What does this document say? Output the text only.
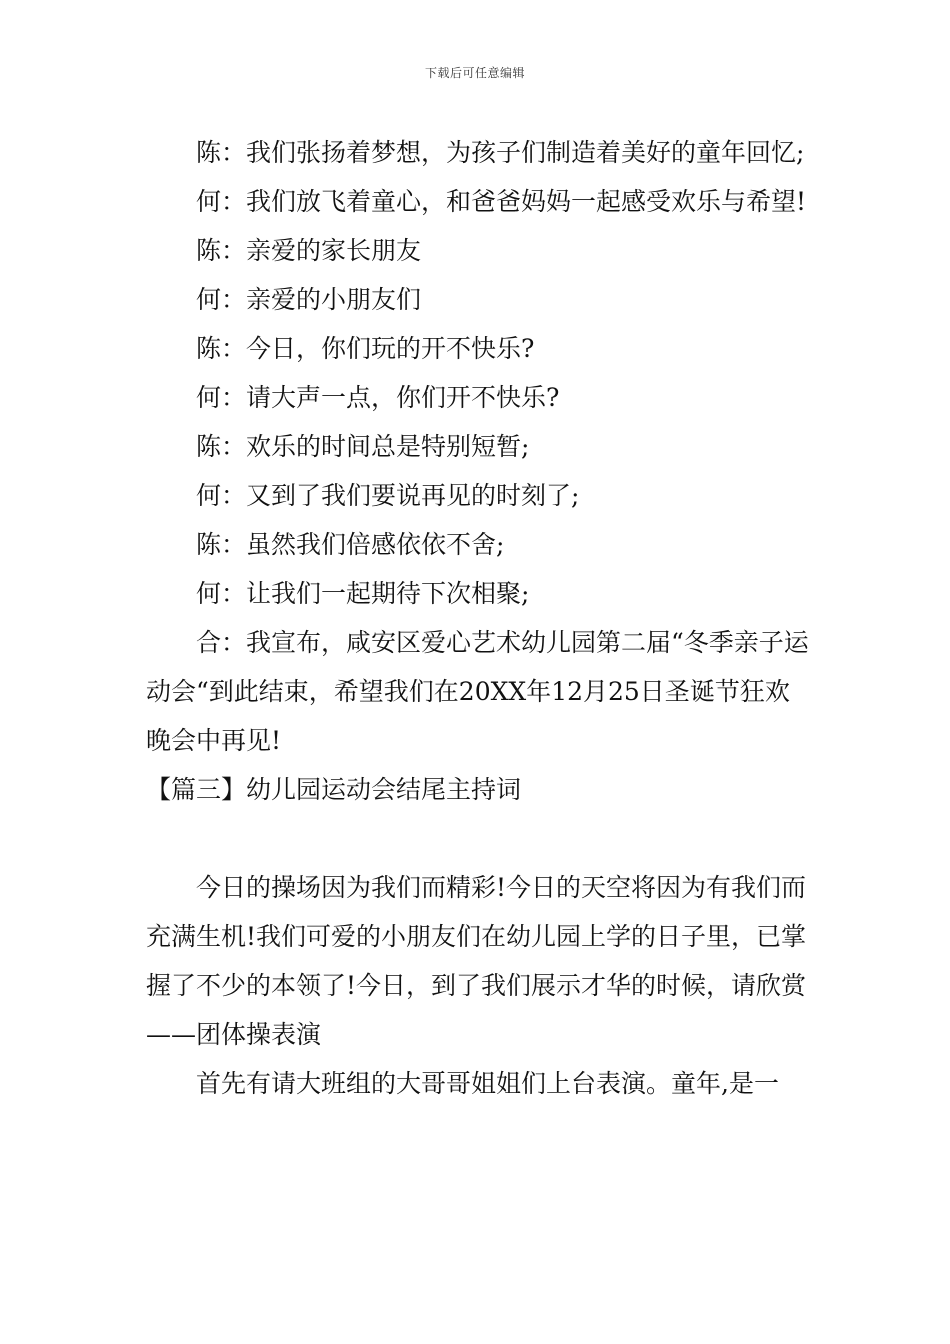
下载后可任意编辑

陈：我们张扬着梦想，为孩子们制造着美好的童年回忆;

何：我们放飞着童心，和爸爸妈妈一起感受欢乐与希望!

陈：亲爱的家长朋友

何：亲爱的小朋友们

陈：今日，你们玩的开不快乐?

何：请大声一点，你们开不快乐?

陈：欢乐的时间总是特别短暂;

何：又到了我们要说再见的时刻了;

陈：虽然我们倍感依依不舍;

何：让我们一起期待下次相聚;

合：我宣布，咸安区爱心艺术幼儿园第二届“冬季亲子运动会“到此结束，希望我们在20XX年12月25日圣诞节狂欢晚会中再见!

【篇三】幼儿园运动会结尾主持词

今日的操场因为我们而精彩!今日的天空将因为有我们而充满生机!我们可爱的小朋友们在幼儿园上学的日子里，已掌握了不少的本领了!今日，到了我们展示才华的时候，请欣赏——团体操表演

首先有请大班组的大哥哥姐姐们上台表演。童年,是一
